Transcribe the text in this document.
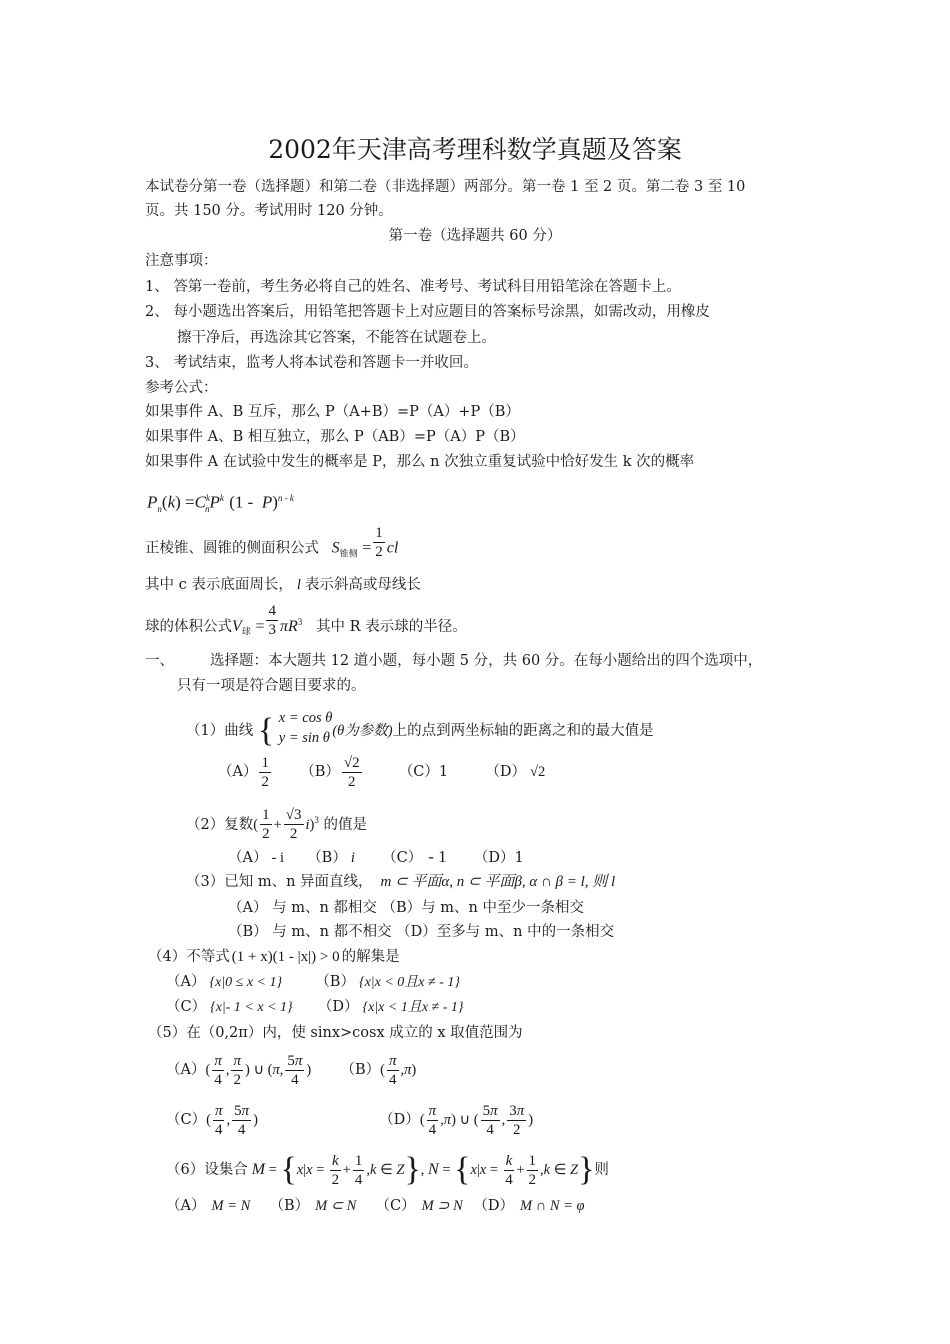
2002年天津高考理科数学真题及答案
本试卷分第一卷（选择题）和第二卷（非选择题）两部分。第一卷 1 至 2 页。第二卷 3 至 10
页。共 150 分。考试用时 120 分钟。
第一卷（选择题共 60 分）
注意事项：
1、 答第一卷前，考生务必将自己的姓名、准考号、考试科目用铅笔涂在答题卡上。
2、 每小题选出答案后，用铅笔把答题卡上对应题目的答案标号涂黑，如需改动，用橡皮
擦干净后，再选涂其它答案，不能答在试题卷上。
3、 考试结束，监考人将本试卷和答题卡一并收回。
参考公式：
如果事件 A、B 互斥，那么 P（A+B）=P（A）+P（B）
如果事件 A、B 相互独立，那么 P（AB）=P（A）P（B）
如果事件 A 在试验中发生的概率是 P，那么 n 次独立重复试验中恰好发生 k 次的概率
$P_n(k) =C^k_nP^k$ (1 -  P)$^{n - k}$
正棱锥、圆锥的侧面积公式 $S_{锥侧} = \frac{1}{2}$ cl
其中 c 表示底面周长， l 表示斜高或母线长
球的体积公式$V_球 = \frac{4}{3} \pi R^3$ 其中 R 表示球的半径。
一、 选择题：本大题共 12 道小题，每小题 5 分，共 60 分。在每小题给出的四个选项中，
只有一项是符合题目要求的。
（1）曲线 { x = cos θ
y = sin θ (θ为参数)上的点到两坐标轴的距离之和的最大值是
$(A) \frac{1}{2} (B) \frac{√2}{2}$	（C）1	（D） √2
（2）复数( $\frac{1}{2} + \frac{√3}{2} i)^3$ 的值是
（A） - i （B） i （C） - 1 （D）1
（3）已知 m、n 异面直线， m ⊂ 平面α, n ⊂ 平面β, α ∩ β = l, 则 l
（A） 与 m、n 都相交 （B）与 m、n 中至少一条相交
（B） 与 m、n 都不相交 （D）至多与 m、n 中的一条相交
（4）不等式 (1 + x)(1 - |x|) > 0 的解集是
（A） {x|0 ≤ x < 1} （B） {x|x < 0且x ≠ - 1}
（C） {x|- 1 < x < 1} （D） {x|x < 1且x ≠ - 1}
（5）在（0,2π）内，使 sinx>cosx 成立的 x 取值范围为
$(A)( \frac{\pi}{4}$ , $\frac{\pi}{2}$ ) ∪ (π, $\frac{5\pi}{4}$ ) $(B)( \frac{\pi}{4} ,\pi)$
$(C)( \frac{\pi}{4}$ , $\frac{5\pi}{4}$ )	$(D)( \frac{\pi}{4} ,\pi)$ ∪ ( $\frac{5\pi}{4}$ , $\frac{3\pi}{2}$ )
（6）设集合 $M = \{x|x = \frac{k}{2} + \frac{1}{4} ,k$ ∈ Z}, $N = \{x|x = \frac{k}{4} + \frac{1}{2} ,k$ ∈ Z}则
（A） M = N （B） M ⊂ N （C） M ⊃ N （D） M ∩ N = φ
